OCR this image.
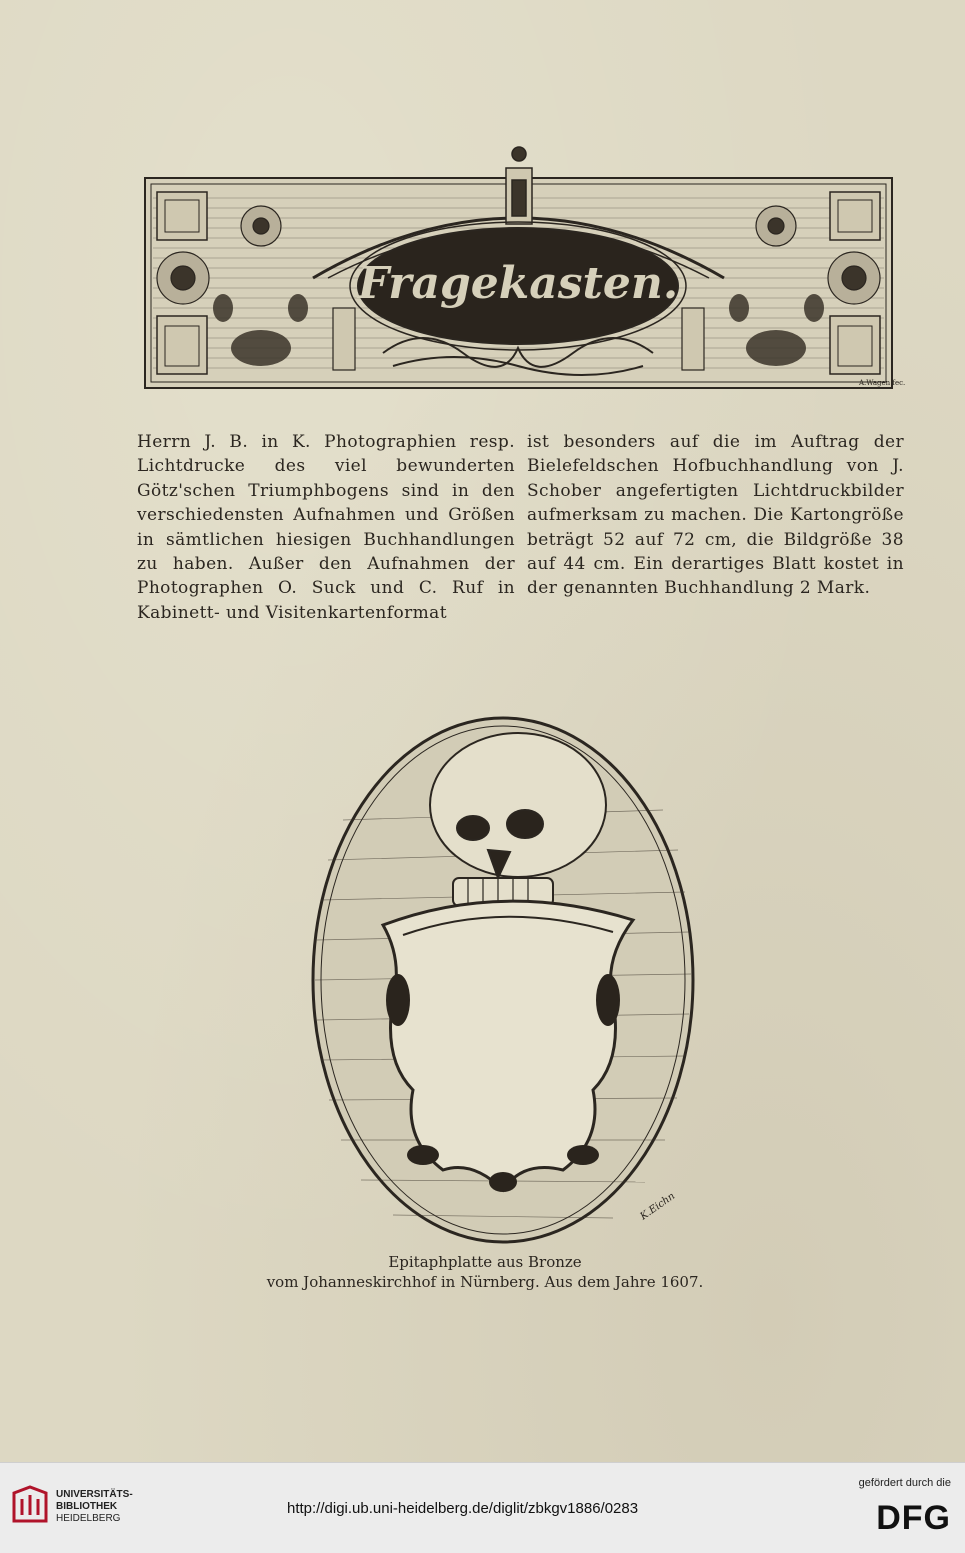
Fragekasten.
A.Wagen fec.
Herrn J. B. in K. Photographien resp. Lichtdrucke des viel bewunderten Götz'schen Triumphbogens sind in den verschiedensten Aufnahmen und Größen in sämtlichen hiesigen Buchhandlungen zu haben. Außer den Aufnahmen der Photographen O. Suck und C. Ruf in Kabinett- und Visitenkartenformat
ist besonders auf die im Auftrag der Bielefeldschen Hofbuchhandlung von J. Schober angefertigten Lichtdruckbilder aufmerksam zu machen. Die Kartongröße beträgt 52 auf 72 cm, die Bildgröße 38 auf 44 cm. Ein derartiges Blatt kostet in der genannten Buchhandlung 2 Mark.
K.Eichn
Epitaphplatte aus Bronze
vom Johanneskirchhof in Nürnberg. Aus dem Jahre 1607.
UNIVERSITÄTS-
BIBLIOTHEK
HEIDELBERG
http://digi.ub.uni-heidelberg.de/diglit/zbkgv1886/0283
gefördert durch die
DFG
